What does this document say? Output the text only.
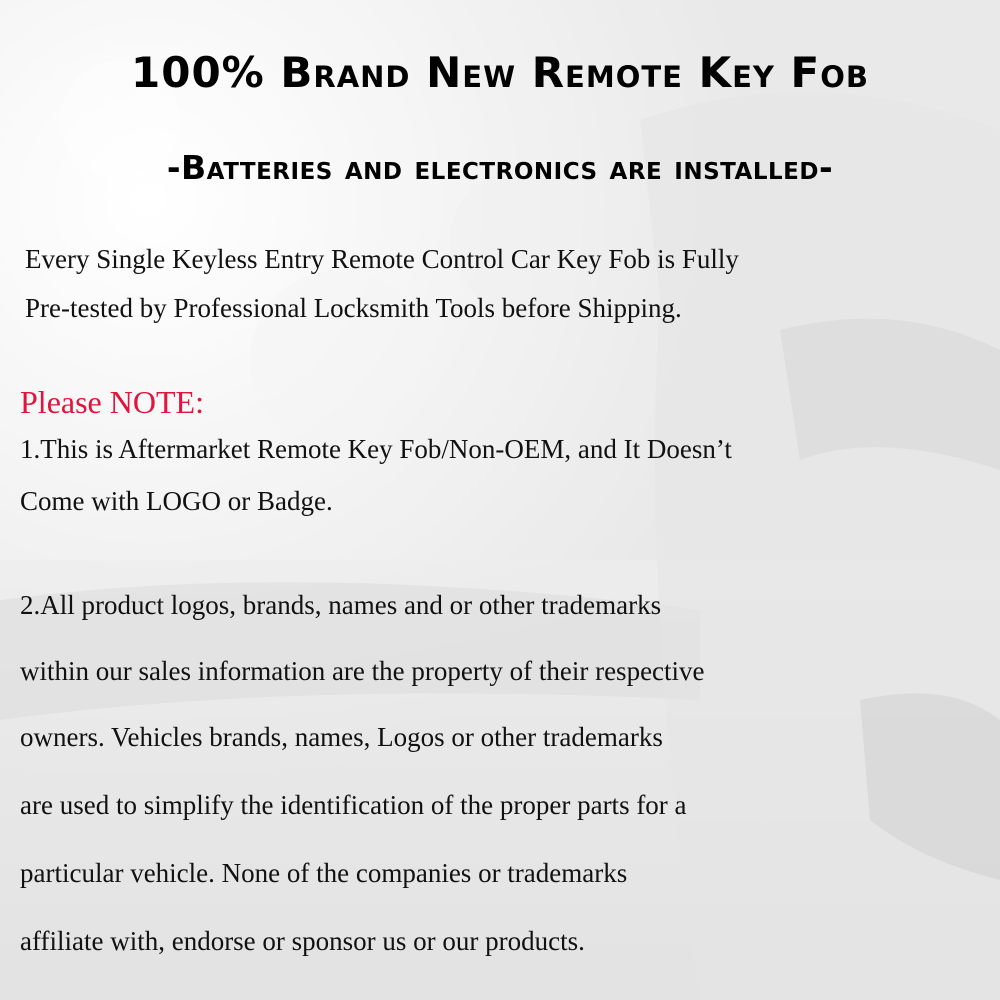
100% Brand New Remote Key Fob
-Batteries and electronics are installed-
Every Single Keyless Entry Remote Control Car Key Fob is Fully
Pre-tested by Professional Locksmith Tools before Shipping.
Please NOTE:
1.This is Aftermarket Remote Key Fob/Non-OEM, and It Doesn’t
Come with LOGO or Badge.
2.All product logos, brands, names and or other trademarks
within our sales information are the property of their respective
owners. Vehicles brands, names, Logos or other trademarks
are used to simplify the identification of the proper parts for a
particular vehicle. None of the companies or trademarks
affiliate with, endorse or sponsor us or our products.
